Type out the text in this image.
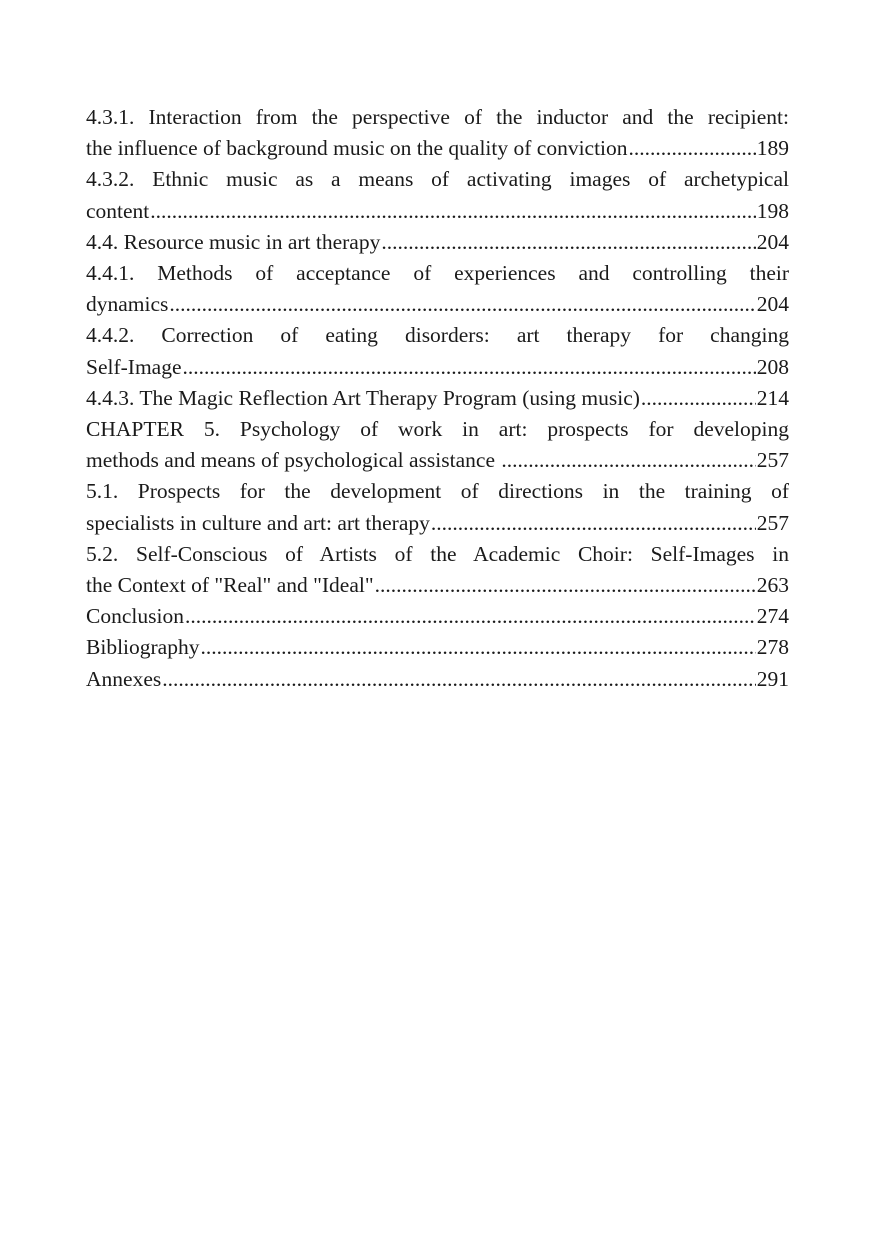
4.3.1. Interaction from the perspective of the inductor and the recipient:
the influence of background music on the quality of conviction .....	189
4.3.2. Ethnic music as a means of activating images of archetypical
content .....	198
4.4. Resource music in art therapy .....	204
4.4.1. Methods of acceptance of experiences and controlling their
dynamics .....	204
4.4.2. Correction of eating disorders: art therapy for changing
Self-Image .....	208
4.4.3. The Magic Reflection Art Therapy Program (using music) .....	214
CHAPTER 5. Psychology of work in art: prospects for developing
methods and means of psychological assistance .....	257
5.1. Prospects for the development of directions in the training of
specialists in culture and art: art therapy .....	257
5.2. Self-Conscious of Artists of the Academic Choir: Self-Images in
the Context of "Real" and "Ideal" .....	263
Conclusion .....	274
Bibliography .....	278
Annexes .....	291
